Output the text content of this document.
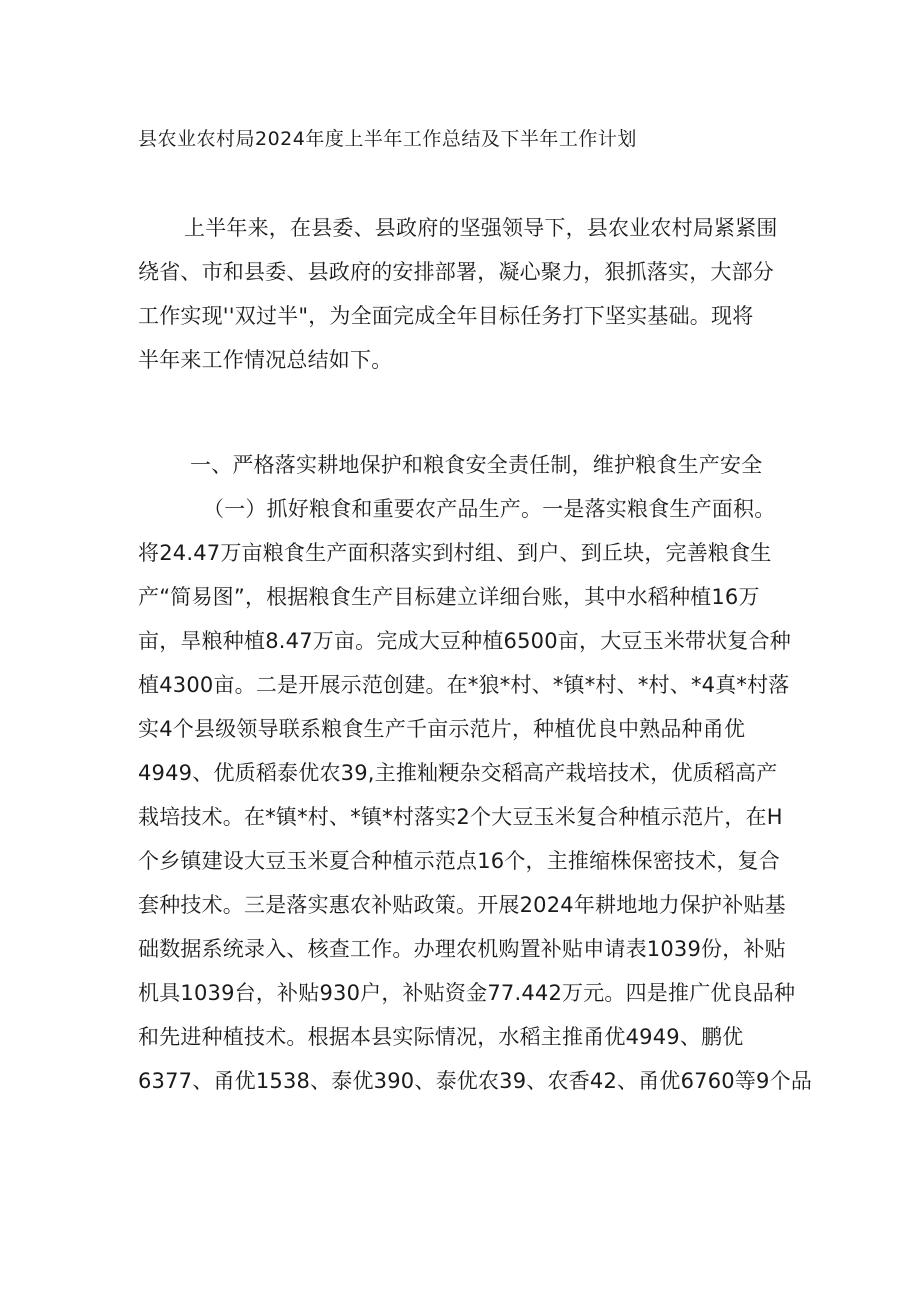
县农业农村局2024年度上半年工作总结及下半年工作计划

上半年来，在县委、县政府的坚强领导下，县农业农村局紧紧围

绕省、市和县委、县政府的安排部署，凝心聚力，狠抓落实，大部分

工作实现''双过半"，为全面完成全年目标任务打下坚实基础。现将

半年来工作情况总结如下。

一、严格落实耕地保护和粮食安全责任制，维护粮食生产安全

（一）抓好粮食和重要农产品生产。一是落实粮食生产面积。

将24.47万亩粮食生产面积落实到村组、到户、到丘块，完善粮食生

产“简易图”，根据粮食生产目标建立详细台账，其中水稻种植16万

亩，旱粮种植8.47万亩。完成大豆种植6500亩，大豆玉米带状复合种

植4300亩。二是开展示范创建。在*狼*村、*镇*村、*村、*4真*村落

实4个县级领导联系粮食生产千亩示范片，种植优良中熟品种甬优

4949、优质稻泰优农39,主推籼粳杂交稻高产栽培技术，优质稻高产

栽培技术。在*镇*村、*镇*村落实2个大豆玉米复合种植示范片，在H

个乡镇建设大豆玉米夏合种植示范点16个，主推缩株保密技术，复合

套种技术。三是落实惠农补贴政策。开展2024年耕地地力保护补贴基

础数据系统录入、核查工作。办理农机购置补贴申请表1039份，补贴

机具1039台，补贴930户，补贴资金77.442万元。四是推广优良品种

和先进种植技术。根据本县实际情况，水稻主推甬优4949、鹏优

6377、甬优1538、泰优390、泰优农39、农香42、甬优6760等9个品
